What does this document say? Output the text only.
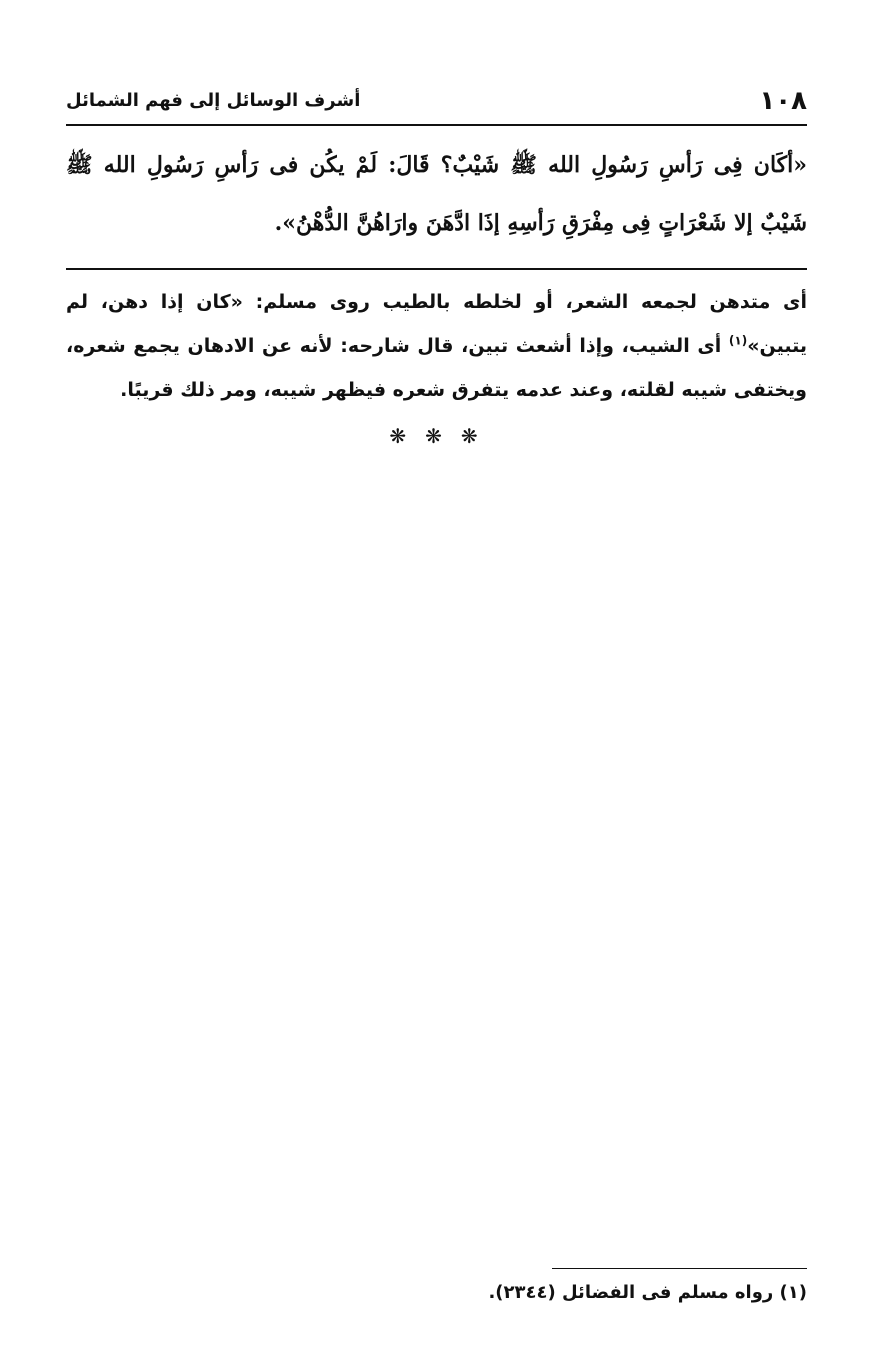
١٠٨
أشرف الوسائل إلى فهم الشمائل
«أكَان فِى رَأسِ رَسُولِ الله ﷺ شَيْبٌ؟ قَالَ: لَمْ يكُن فى رَأسِ رَسُولِ الله ﷺ شَيْبٌ إلا شَعْرَاتٍ فِى مِفْرَقِ رَأسِهِ إذَا ادَّهَنَ وارَاهُنَّ الدُّهْنُ».
أى متدهن لجمعه الشعر، أو لخلطه بالطيب روى مسلم: «كان إذا دهن، لم يتبين»$^{(١)}$ أى الشيب، وإذا أشعث تبين، قال شارحه: لأنه عن الادهان يجمع شعره، ويختفى شيبه لقلته، وعند عدمه يتفرق شعره فيظهر شيبه، ومر ذلك قريبًا.
❋ ❋ ❋
(١) رواه مسلم فى الفضائل (٢٣٤٤).
